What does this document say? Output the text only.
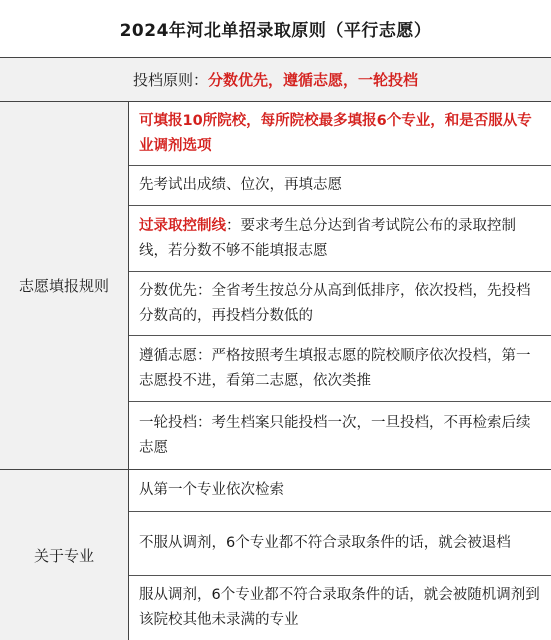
2024年河北单招录取原则（平行志愿）
投档原则： 分数优先，遵循志愿，一轮投档
志愿填报规则
可填报10所院校，每所院校最多填报6个专业，和是否服从专业调剂选项
先考试出成绩、位次，再填志愿
过录取控制线：要求考生总分达到省考试院公布的录取控制线，若分数不够不能填报志愿
分数优先：全省考生按总分从高到低排序，依次投档，先投档分数高的，再投档分数低的
遵循志愿：严格按照考生填报志愿的院校顺序依次投档，第一志愿投不进，看第二志愿，依次类推
一轮投档：考生档案只能投档一次，一旦投档，不再检索后续志愿
关于专业
从第一个专业依次检索
不服从调剂，6个专业都不符合录取条件的话，就会被退档
服从调剂，6个专业都不符合录取条件的话，就会被随机调剂到该院校其他未录满的专业
